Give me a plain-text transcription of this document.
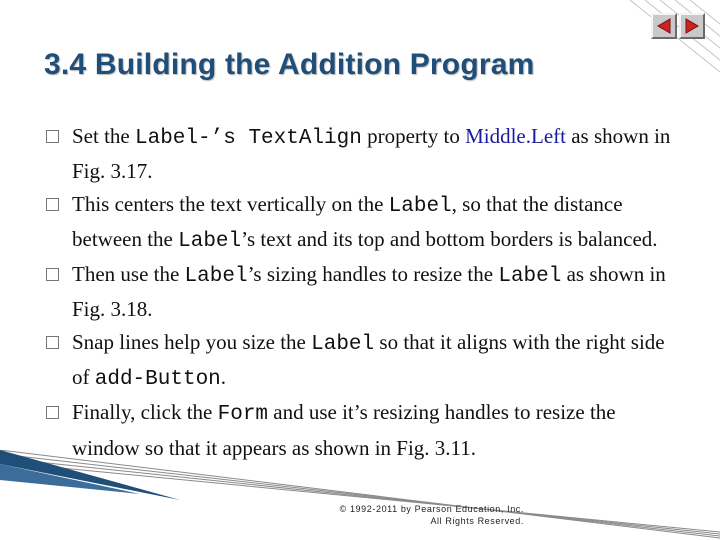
3.4 Building the Addition Program
Set the Label-’s TextAlign property to Middle.Left as shown in Fig. 3.17.
This centers the text vertically on the Label, so that the distance between the Label’s text and its top and bottom borders is balanced.
Then use the Label’s sizing handles to resize the Label as shown in Fig. 3.18.
Snap lines help you size the Label so that it aligns with the right side of add-Button.
Finally, click the Form and use it’s resizing handles to resize the window so that it appears as shown in Fig. 3.11.
© 1992-2011 by Pearson Education, Inc.
All Rights Reserved.
